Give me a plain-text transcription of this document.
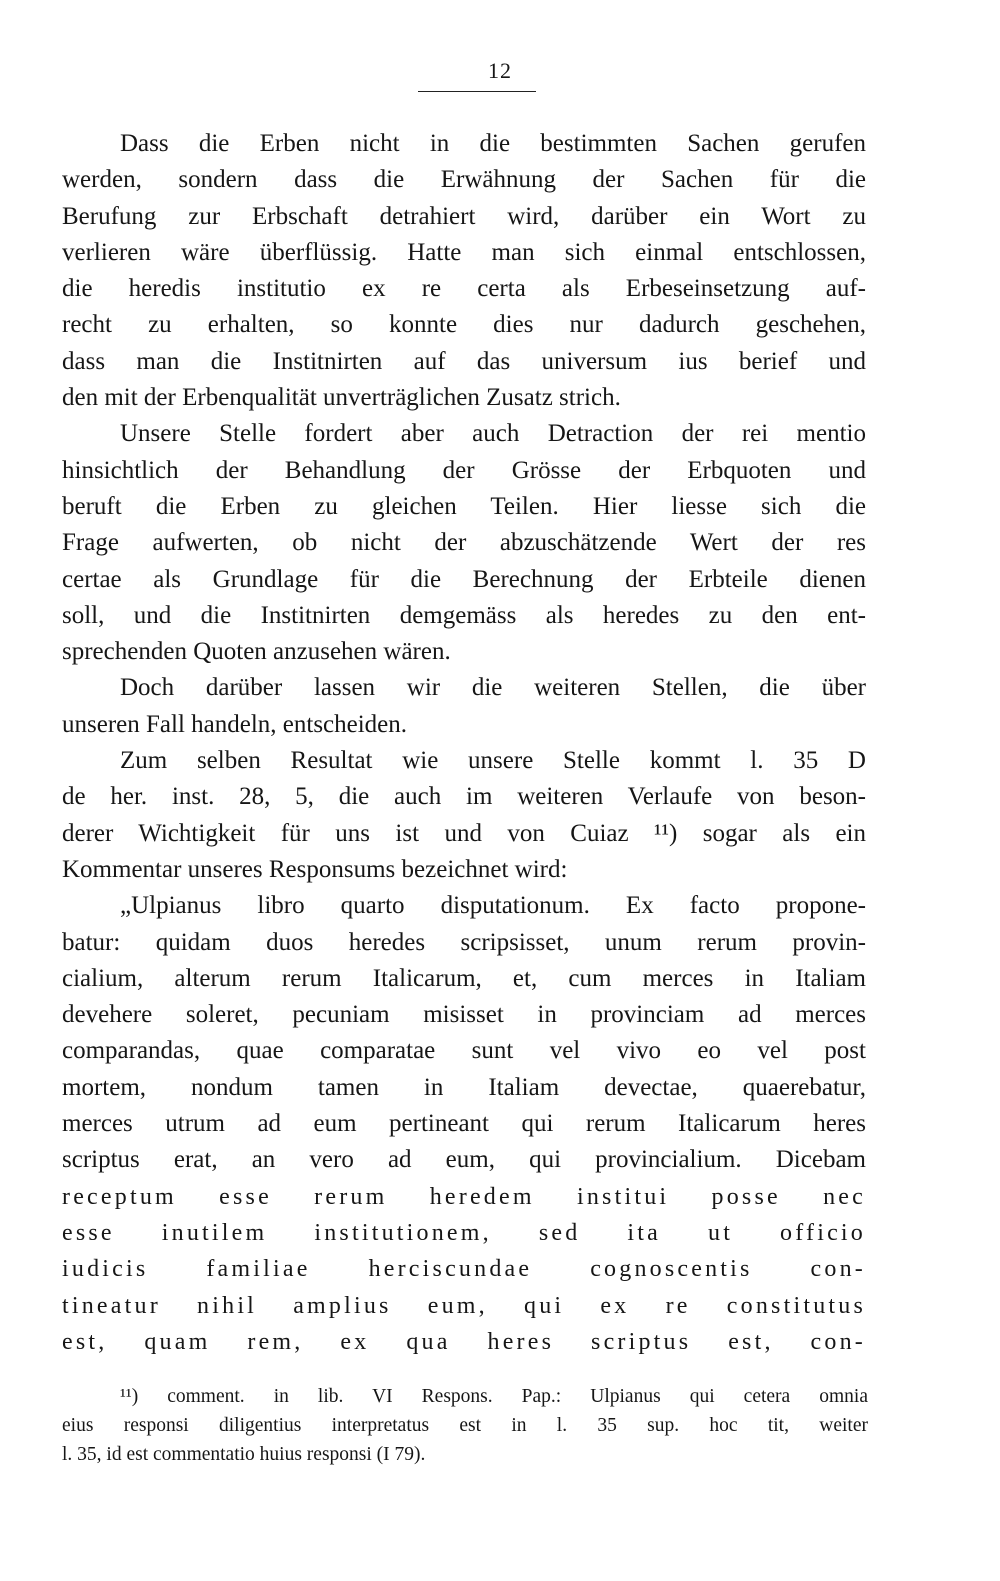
12
Dass die Erben nicht in die bestimmten Sachen gerufen
werden, sondern dass die Erwähnung der Sachen für die
Berufung zur Erbschaft detrahiert wird, darüber ein Wort zu
verlieren wäre überflüssig. Hatte man sich einmal entschlossen,
die heredis institutio ex re certa als Erbeseinsetzung auf-
recht zu erhalten, so konnte dies nur dadurch geschehen,
dass man die Institnirten auf das universum ius berief und
den mit der Erbenqualität unverträglichen Zusatz strich.
Unsere Stelle fordert aber auch Detraction der rei mentio
hinsichtlich der Behandlung der Grösse der Erbquoten und
beruft die Erben zu gleichen Teilen. Hier liesse sich die
Frage aufwerten, ob nicht der abzuschätzende Wert der res
certae als Grundlage für die Berechnung der Erbteile dienen
soll, und die Institnirten demgemäss als heredes zu den ent-
sprechenden Quoten anzusehen wären.
Doch darüber lassen wir die weiteren Stellen, die über
unseren Fall handeln, entscheiden.
Zum selben Resultat wie unsere Stelle kommt l. 35 D
de her. inst. 28, 5, die auch im weiteren Verlaufe von beson-
derer Wichtigkeit für uns ist und von Cuiaz ¹¹) sogar als ein
Kommentar unseres Responsums bezeichnet wird:
„Ulpianus libro quarto disputationum. Ex facto propone-
batur: quidam duos heredes scripsisset, unum rerum provin-
cialium, alterum rerum Italicarum, et, cum merces in Italiam
devehere soleret, pecuniam misisset in provinciam ad merces
comparandas, quae comparatae sunt vel vivo eo vel post
mortem, nondum tamen in Italiam devectae, quaerebatur,
merces utrum ad eum pertineant qui rerum Italicarum heres
scriptus erat, an vero ad eum, qui provincialium. Dicebam
receptum esse rerum heredem institui posse nec
esse inutilem institutionem, sed ita ut officio
iudicis familiae herciscundae cognoscentis con-
tineatur nihil amplius eum, qui ex re constitutus
est, quam rem, ex qua heres scriptus est, con-
¹¹) comment. in lib. VI Respons. Pap.: Ulpianus qui cetera omnia
eius responsi diligentius interpretatus est in l. 35 sup. hoc tit, weiter
l. 35, id est commentatio huius responsi (I 79).
